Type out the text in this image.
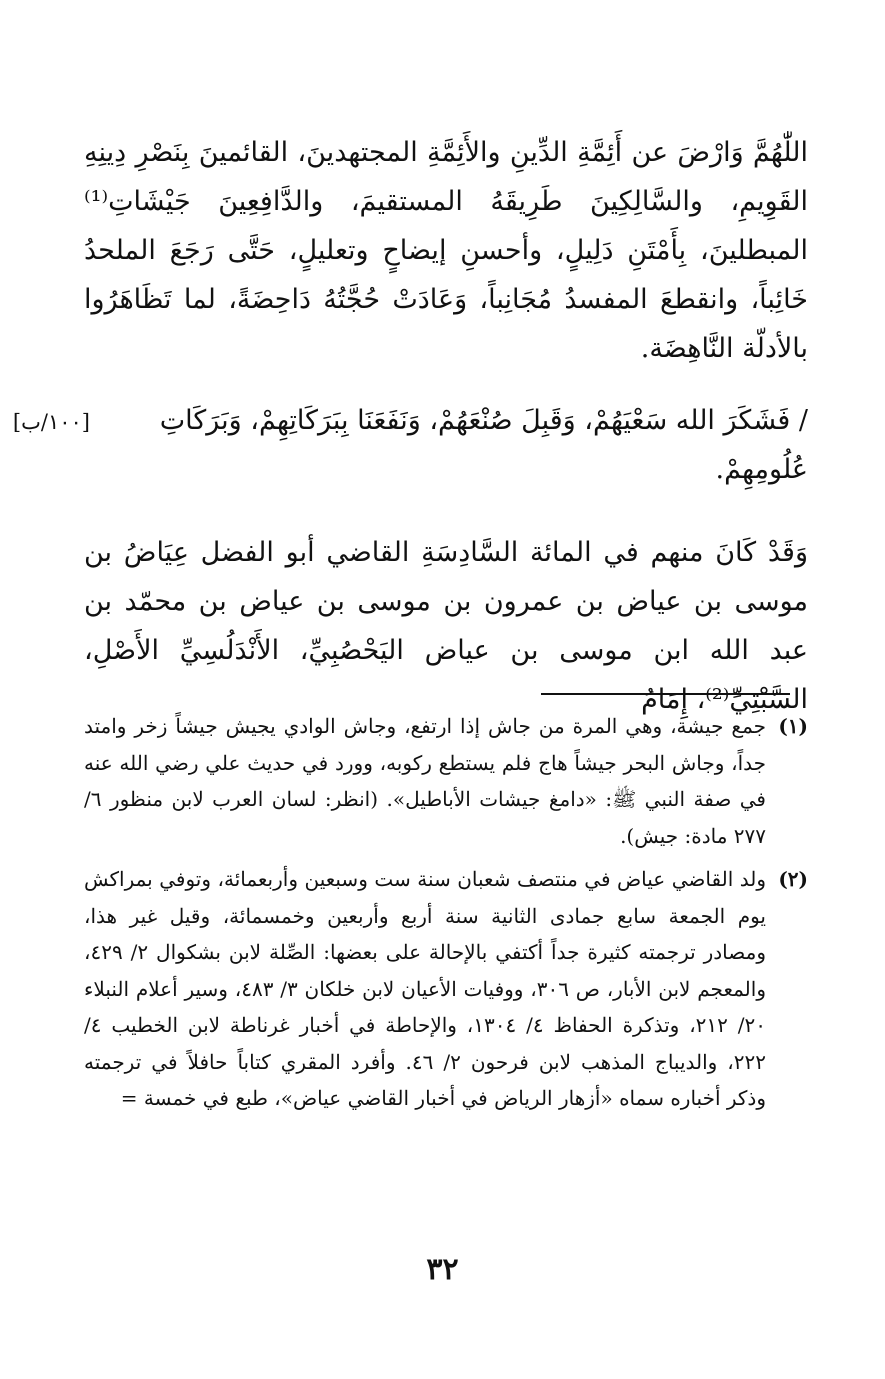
اللّٰهُمَّ وَارْضَ عن أَئِمَّةِ الدِّينِ والأَئِمَّةِ المجتهدينَ، القائمينَ بِنَصْرِ دِينِهِ القَوِيمِ، والسَّالِكِينَ طَرِيقَهُ المستقيمَ، والدَّافِعِينَ جَيْشَاتِ⁽¹⁾ المبطلينَ، بِأَمْتَنِ دَلِيلٍ، وأحسنِ إيضاحٍ وتعليلٍ، حَتَّى رَجَعَ الملحدُ خَائِباً، وانقطعَ المفسدُ مُجَانِباً، وَعَادَتْ حُجَّتُهُ دَاحِضَةً، لما تَظَاهَرُوا بالأدلّة النَّاهِضَة.

[١٠٠/ب]	/ فَشَكَرَ الله سَعْيَهُمْ، وَقَبِلَ صُنْعَهُمْ، وَنَفَعَنَا بِبَرَكَاتِهِمْ، وَبَرَكَاتِ عُلُومِهِمْ.

وَقَدْ كَانَ منهم في المائة السَّادِسَةِ القاضي أبو الفضل عِيَاضُ بن موسى بن عياض بن عمرون بن موسى بن عياض بن محمّد بن عبد الله ابن موسى بن عياض اليَحْصُبِيِّ، الأَنْدَلُسِيِّ الأَصْلِ، السَّبْتِيِّ⁽²⁾، إِمَامُ

(١)
جمع جيشة، وهي المرة من جاش إذا ارتفع، وجاش الوادي يجيش جيشاً زخر وامتد جداً، وجاش البحر جيشاً هاج فلم يستطع ركوبه، وورد في حديث علي رضي الله عنه في صفة النبي ﷺ: «دامغ جيشات الأباطيل». (انظر: لسان العرب لابن منظور ٦/ ٢٧٧ مادة: جيش).
(٢)
ولد القاضي عياض في منتصف شعبان سنة ست وسبعين وأربعمائة، وتوفي بمراكش يوم الجمعة سابع جمادى الثانية سنة أربع وأربعين وخمسمائة، وقيل غير هذا، ومصادر ترجمته كثيرة جداً أكتفي بالإحالة على بعضها: الصِّلة لابن بشكوال ٢/ ٤٢٩، والمعجم لابن الأبار، ص ٣٠٦، ووفيات الأعيان لابن خلكان ٣/ ٤٨٣، وسير أعلام النبلاء ٢٠/ ٢١٢، وتذكرة الحفاظ ٤/ ١٣٠٤، والإحاطة في أخبار غرناطة لابن الخطيب ٤/ ٢٢٢، والديباج المذهب لابن فرحون ٢/ ٤٦. وأفرد المقري كتاباً حافلاً في ترجمته وذكر أخباره سماه «أزهار الرياض في أخبار القاضي عياض»، طبع في خمسة =
٣٢
